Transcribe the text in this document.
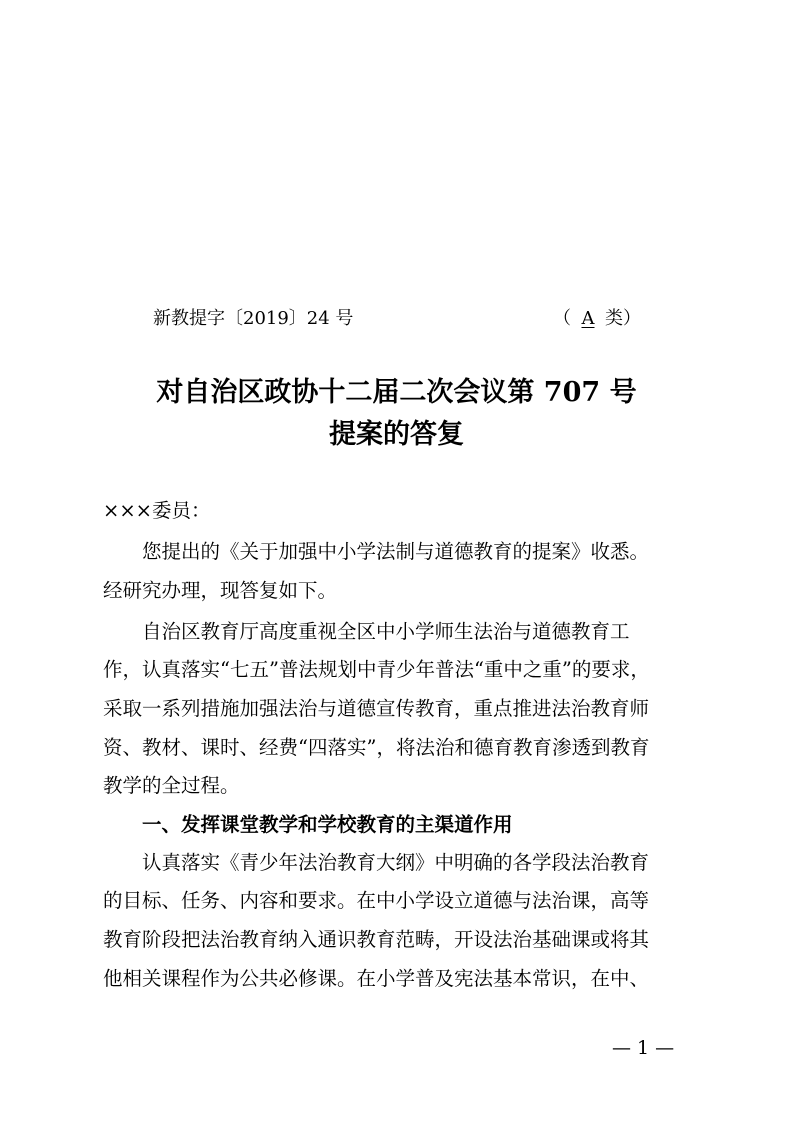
新教提字〔2019〕24 号	（ A 类）
对自治区政协十二届二次会议第 707 号
提案的答复
×××委员：
您提出的《关于加强中小学法制与道德教育的提案》收悉。
经研究办理，现答复如下。
自治区教育厅高度重视全区中小学师生法治与道德教育工
作，认真落实“七五”普法规划中青少年普法“重中之重”的要求，
采取一系列措施加强法治与道德宣传教育，重点推进法治教育师
资、教材、课时、经费“四落实”，将法治和德育教育渗透到教育
教学的全过程。
一、发挥课堂教学和学校教育的主渠道作用
认真落实《青少年法治教育大纲》中明确的各学段法治教育
的目标、任务、内容和要求。在中小学设立道德与法治课，高等
教育阶段把法治教育纳入通识教育范畴，开设法治基础课或将其
他相关课程作为公共必修课。在小学普及宪法基本常识，在中、
— 1 —
